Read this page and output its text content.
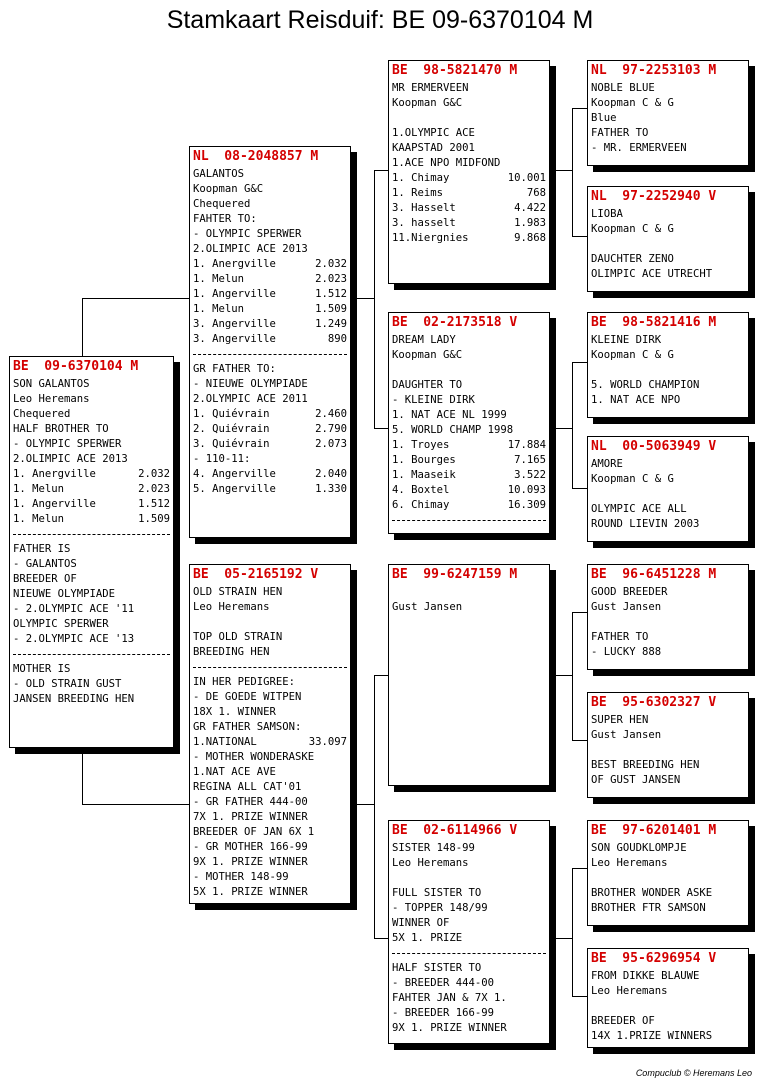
Stamkaart Reisduif: BE 09-6370104 M
BE  09-6370104 M
SON GALANTOS
Leo Heremans
Chequered
HALF BROTHER TO
- OLYMPIC SPERWER
2.OLIMPIC ACE 2013
1. Anergville	2.032
1. Melun	2.023
1. Angerville	1.512
1. Melun	1.509
FATHER IS
- GALANTOS
BREEDER OF
NIEUWE OLYMPIADE
- 2.OLYMPIC ACE '11
OLYMPIC SPERWER
- 2.OLYMPIC ACE '13
MOTHER IS
- OLD STRAIN GUST
JANSEN BREEDING HEN
NL  08-2048857 M
GALANTOS
Koopman G&C
Chequered
FAHTER TO:
- OLYMPIC SPERWER
2.OLIMPIC ACE 2013
1. Anergville	2.032
1. Melun	2.023
1. Angerville	1.512
1. Melun	1.509
3. Angerville	1.249
3. Angerville	890
GR FATHER TO:
- NIEUWE OLYMPIADE
2.OLYMPIC ACE 2011
1. Quiévrain	2.460
2. Quiévrain	2.790
3. Quiévrain	2.073
- 110-11:
4. Angerville	2.040
5. Angerville	1.330
BE  05-2165192 V
OLD STRAIN HEN
Leo Heremans
TOP OLD STRAIN
BREEDING HEN
IN HER PEDIGREE:
- DE GOEDE WITPEN
18X 1. WINNER
GR FATHER SAMSON:
1.NATIONAL	33.097
- MOTHER WONDERASKE
1.NAT ACE AVE
REGINA ALL CAT'01
- GR FATHER 444-00
7X 1. PRIZE WINNER
BREEDER OF JAN 6X 1
- GR MOTHER 166-99
9X 1. PRIZE WINNER
- MOTHER 148-99
5X 1. PRIZE WINNER
BE  98-5821470 M
MR ERMERVEEN
Koopman G&C
1.OLYMPIC ACE
KAAPSTAD 2001
1.ACE NPO MIDFOND
1. Chimay	10.001
1. Reims	768
3. Hasselt	4.422
3. hasselt	1.983
11.Niergnies	9.868
BE  02-2173518 V
DREAM LADY
Koopman G&C
DAUGHTER TO
- KLEINE DIRK
1. NAT ACE NL 1999
5. WORLD CHAMP 1998
1. Troyes	17.884
1. Bourges	7.165
1. Maaseik	3.522
4. Boxtel	10.093
6. Chimay	16.309
BE  99-6247159 M
Gust Jansen
BE  02-6114966 V
SISTER 148-99
Leo Heremans
FULL SISTER TO
- TOPPER 148/99
WINNER OF
5X 1. PRIZE
HALF SISTER TO
- BREEDER 444-00
FAHTER JAN & 7X 1.
- BREEDER 166-99
9X 1. PRIZE WINNER
NL  97-2253103 M
NOBLE BLUE
Koopman C & G
Blue
FATHER TO
- MR. ERMERVEEN
NL  97-2252940 V
LIOBA
Koopman C & G
DAUCHTER ZENO
OLIMPIC ACE UTRECHT
BE  98-5821416 M
KLEINE DIRK
Koopman C & G
5. WORLD CHAMPION
1. NAT ACE NPO
NL  00-5063949 V
AMORE
Koopman C & G
OLYMPIC ACE ALL
ROUND LIEVIN 2003
BE  96-6451228 M
GOOD BREEDER
Gust Jansen
FATHER TO
- LUCKY 888
BE  95-6302327 V
SUPER HEN
Gust Jansen
BEST BREEDING HEN
OF GUST JANSEN
BE  97-6201401 M
SON GOUDKLOMPJE
Leo Heremans
BROTHER WONDER ASKE
BROTHER FTR SAMSON
BE  95-6296954 V
FROM DIKKE BLAUWE
Leo Heremans
BREEDER OF
14X 1.PRIZE WINNERS
Compuclub © Heremans Leo
